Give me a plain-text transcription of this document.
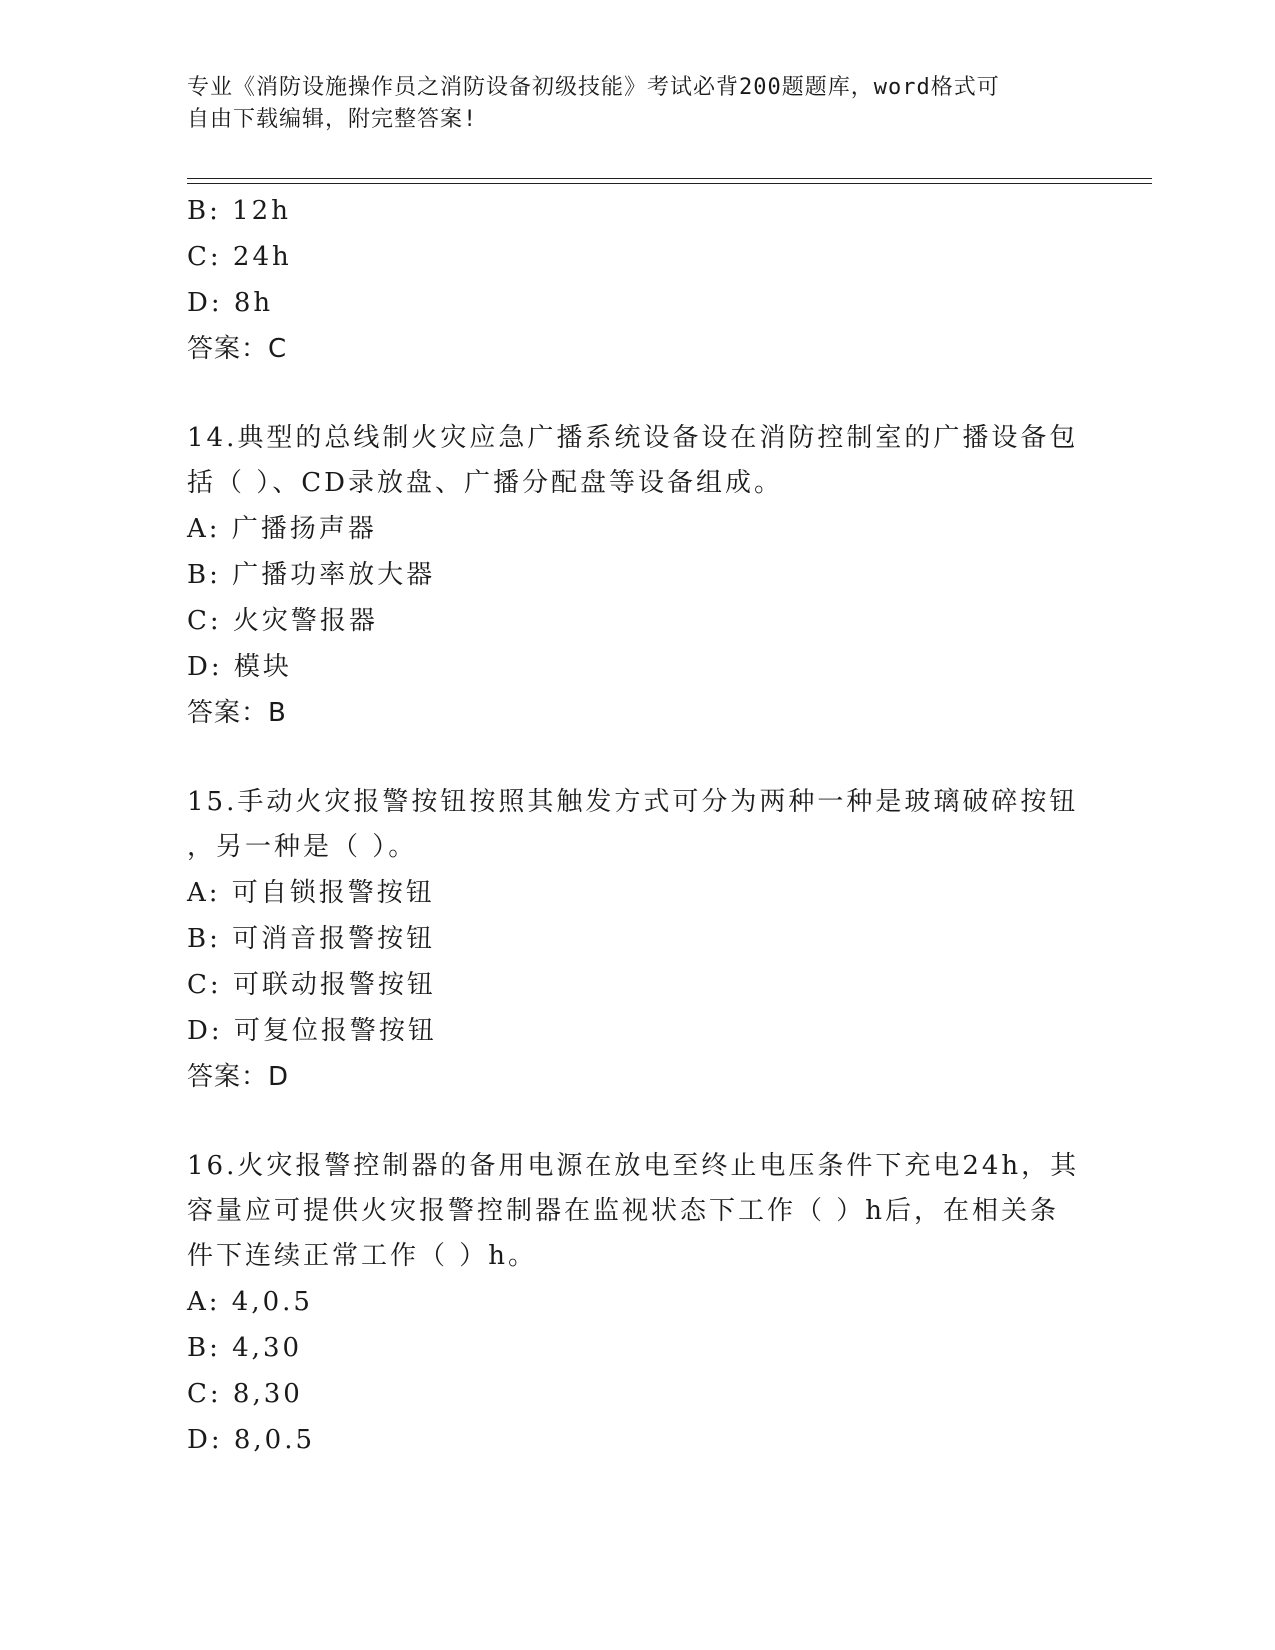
专业《消防设施操作员之消防设备初级技能》考试必背200题题库，word格式可
自由下载编辑，附完整答案!
B: 12h
C: 24h
D: 8h
答案：C
14.典型的总线制火灾应急广播系统设备设在消防控制室的广播设备包
括（ ）、CD录放盘、广播分配盘等设备组成。
A: 广播扬声器
B: 广播功率放大器
C: 火灾警报器
D: 模块
答案：B
15.手动火灾报警按钮按照其触发方式可分为两种一种是玻璃破碎按钮
，另一种是（ ）。
A: 可自锁报警按钮
B: 可消音报警按钮
C: 可联动报警按钮
D: 可复位报警按钮
答案：D
16.火灾报警控制器的备用电源在放电至终止电压条件下充电24h，其
容量应可提供火灾报警控制器在监视状态下工作（ ）h后，在相关条
件下连续正常工作（ ）h。
A: 4,0.5
B: 4,30
C: 8,30
D: 8,0.5
